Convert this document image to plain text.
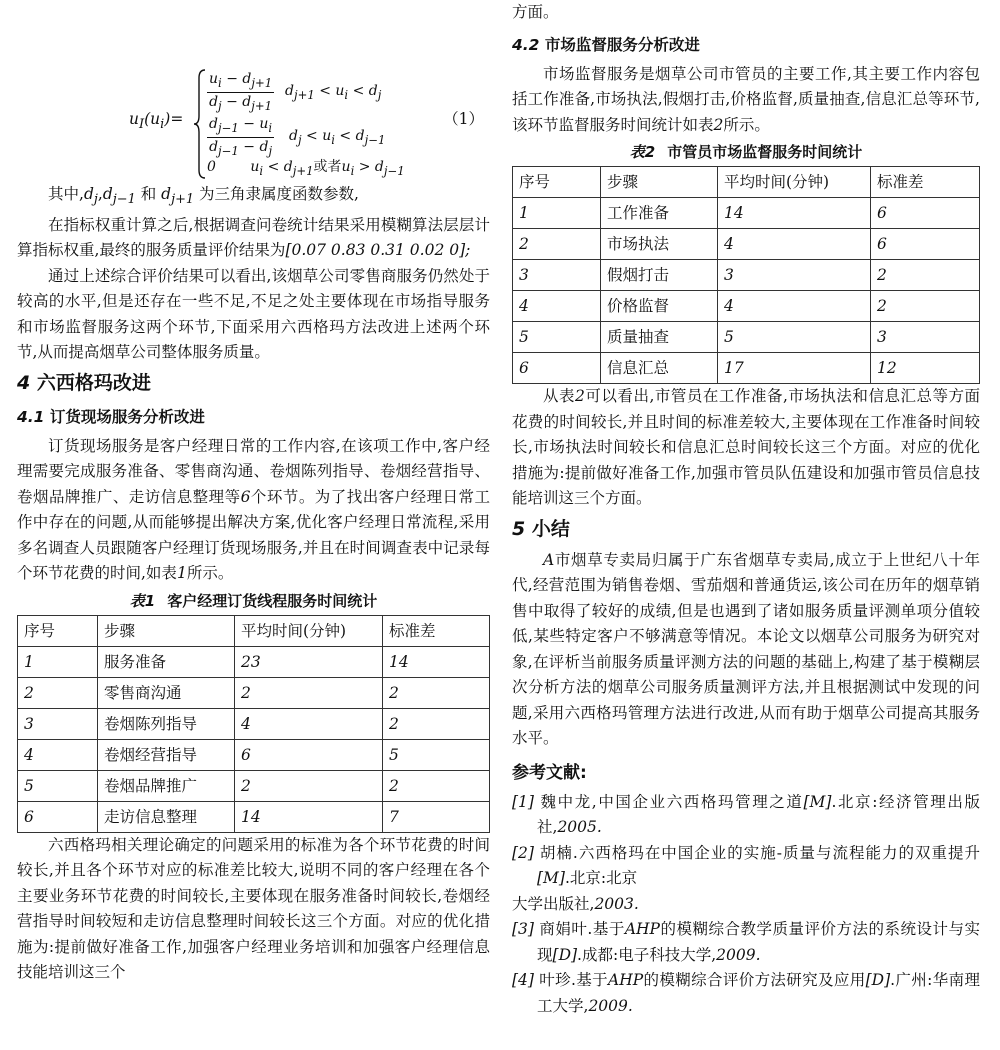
$u_I(u_i)=$
$u_i - d_{j+1}$
$d_j - d_{j+1}$
$d_{j+1} < u_i < d_j$
$d_{j-1} - u_i$
$d_{j-1} - d_j$
$d_j < u_i < d_{j-1}$
0 $u_i < d_{j+1}$或者$u_i > d_{j-1}$
（1）

其中$,d_j,d_{j-1}$ 和 $d_{j+1}$ 为三角隶属度函数参数,

在指标权重计算之后,根据调查问卷统计结果采用模糊算法层层计算指标权重,最终的服务质量评价结果为[0.07 0.83 0.31 0.02 0];

通过上述综合评价结果可以看出,该烟草公司零售商服务仍然处于较高的水平,但是还存在一些不足,不足之处主要体现在市场指导服务和市场监督服务这两个环节,下面采用六西格玛方法改进上述两个环节,从而提高烟草公司整体服务质量。

4 六西格玛改进
4.1 订货现场服务分析改进

订货现场服务是客户经理日常的工作内容,在该项工作中,客户经理需要完成服务准备、零售商沟通、卷烟陈列指导、卷烟经营指导、卷烟品牌推广、走访信息整理等6个环节。为了找出客户经理日常工作中存在的问题,从而能够提出解决方案,优化客户经理日常流程,采用多名调查人员跟随客户经理订货现场服务,并且在时间调查表中记录每个环节花费的时间,如表1所示。

表1 客户经理订货线程服务时间统计
序号	步骤	平均时间(分钟)	标准差
1	服务准备	23	14
2	零售商沟通	2	2
3	卷烟陈列指导	4	2
4	卷烟经营指导	6	5
5	卷烟品牌推广	2	2
6	走访信息整理	14	7

六西格玛相关理论确定的问题采用的标准为各个环节花费的时间较长,并且各个环节对应的标准差比较大,说明不同的客户经理在各个主要业务环节花费的时间较长,主要体现在服务准备时间较长,卷烟经营指导时间较短和走访信息整理时间较长这三个方面。对应的优化措施为:提前做好准备工作,加强客户经理业务培训和加强客户经理信息技能培训这三个

方面。

4.2 市场监督服务分析改进

市场监督服务是烟草公司市管员的主要工作,其主要工作内容包括工作准备,市场执法,假烟打击,价格监督,质量抽查,信息汇总等环节,该环节监督服务时间统计如表2所示。

表2 市管员市场监督服务时间统计
序号	步骤	平均时间(分钟)	标准差
1	工作准备	14	6
2	市场执法	4	6
3	假烟打击	3	2
4	价格监督	4	2
5	质量抽查	5	3
6	信息汇总	17	12

从表2可以看出,市管员在工作准备,市场执法和信息汇总等方面花费的时间较长,并且时间的标准差较大,主要体现在工作准备时间较长,市场执法时间较长和信息汇总时间较长这三个方面。对应的优化措施为:提前做好准备工作,加强市管员队伍建设和加强市管员信息技能培训这三个方面。

5 小结

A市烟草专卖局归属于广东省烟草专卖局,成立于上世纪八十年代,经营范围为销售卷烟、雪茄烟和普通货运,该公司在历年的烟草销售中取得了较好的成绩,但是也遇到了诸如服务质量评测单项分值较低,某些特定客户不够满意等情况。本论文以烟草公司服务为研究对象,在评析当前服务质量评测方法的问题的基础上,构建了基于模糊层次分析方法的烟草公司服务质量测评方法,并且根据测试中发现的问题,采用六西格玛管理方法进行改进,从而有助于烟草公司提高其服务水平。

参考文献:

[1] 魏中龙,中国企业六西格玛管理之道[M].北京:经济管理出版社,2005.

[2] 胡楠.六西格玛在中国企业的实施-质量与流程能力的双重提升[M].北京:北京

大学出版社,2003.

[3] 商娟叶.基于AHP的模糊综合教学质量评价方法的系统设计与实现[D].成都:电子科技大学,2009.

[4] 叶珍.基于AHP的模糊综合评价方法研究及应用[D].广州:华南理工大学,2009.
